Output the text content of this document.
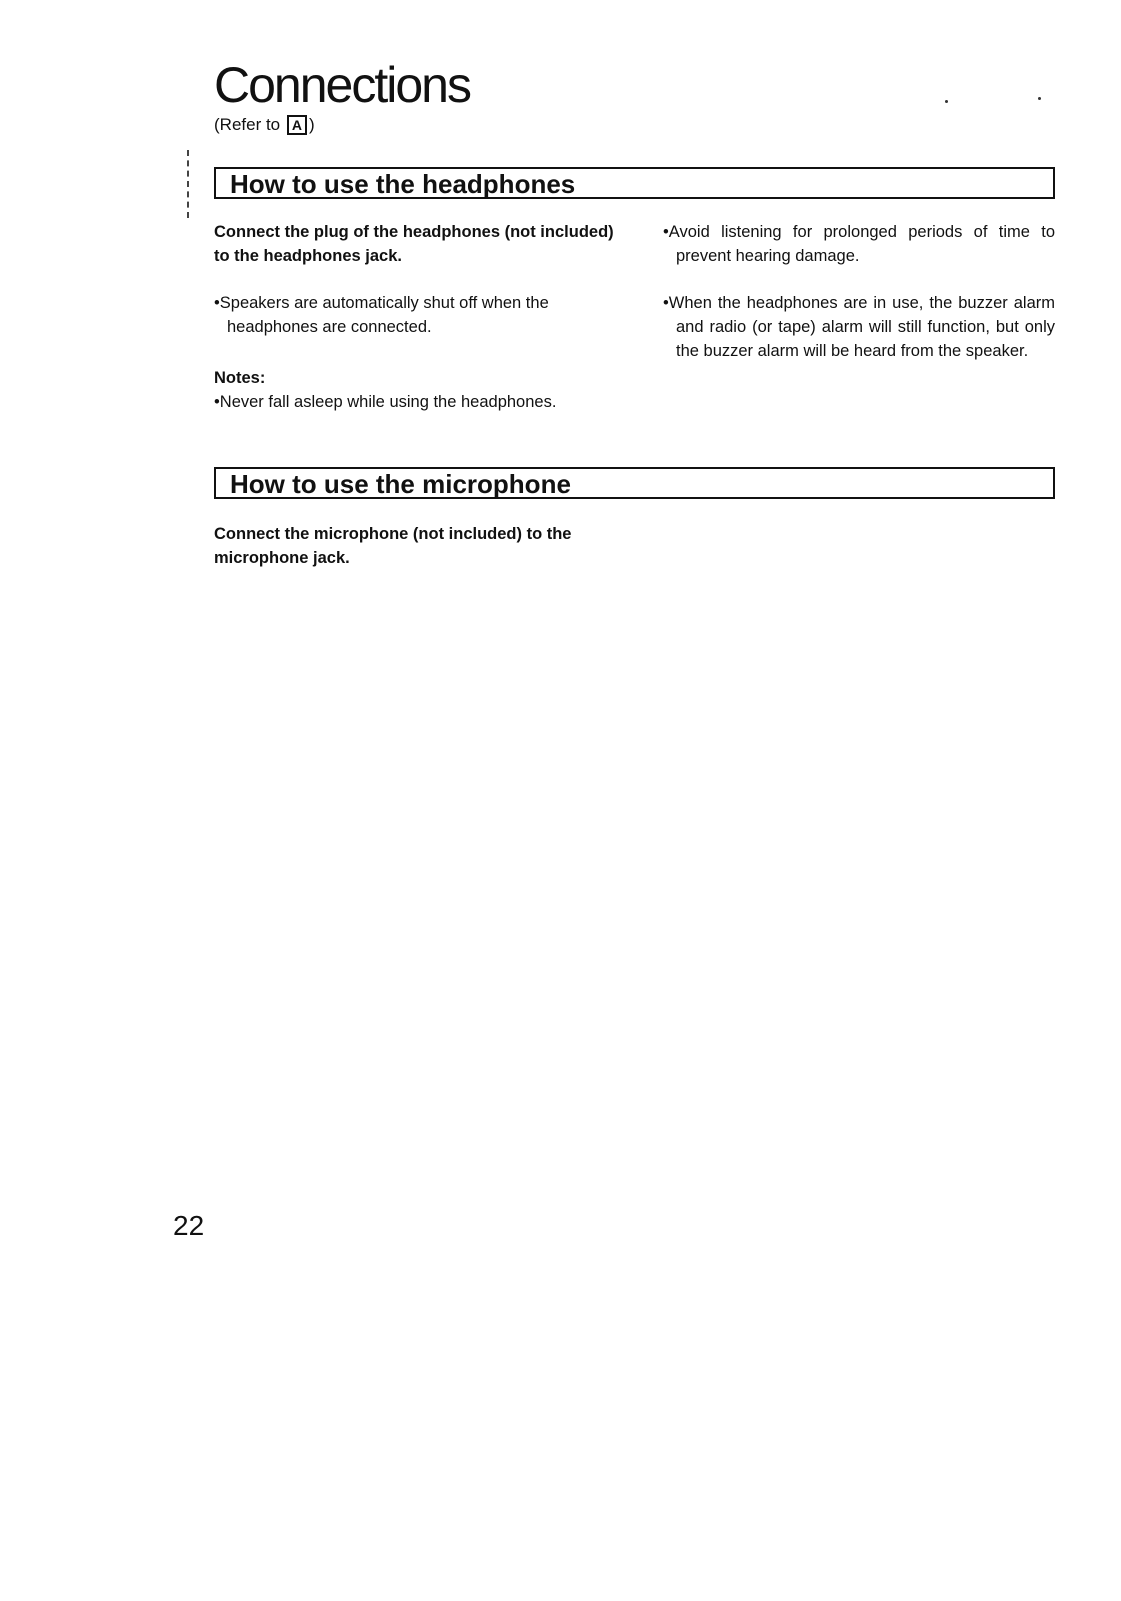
Connections
(Refer to A )
How to use the headphones

Connect the plug of the headphones (not included) to the headphones jack.

•Speakers are automatically shut off when the headphones are connected.

Notes:

•Never fall asleep while using the headphones.

•Avoid listening for prolonged periods of time to prevent hearing damage.

•When the headphones are in use, the buzzer alarm and radio (or tape) alarm will still function, but only the buzzer alarm will be heard from the speaker.

How to use the microphone

Connect the microphone (not included) to the microphone jack.

22
